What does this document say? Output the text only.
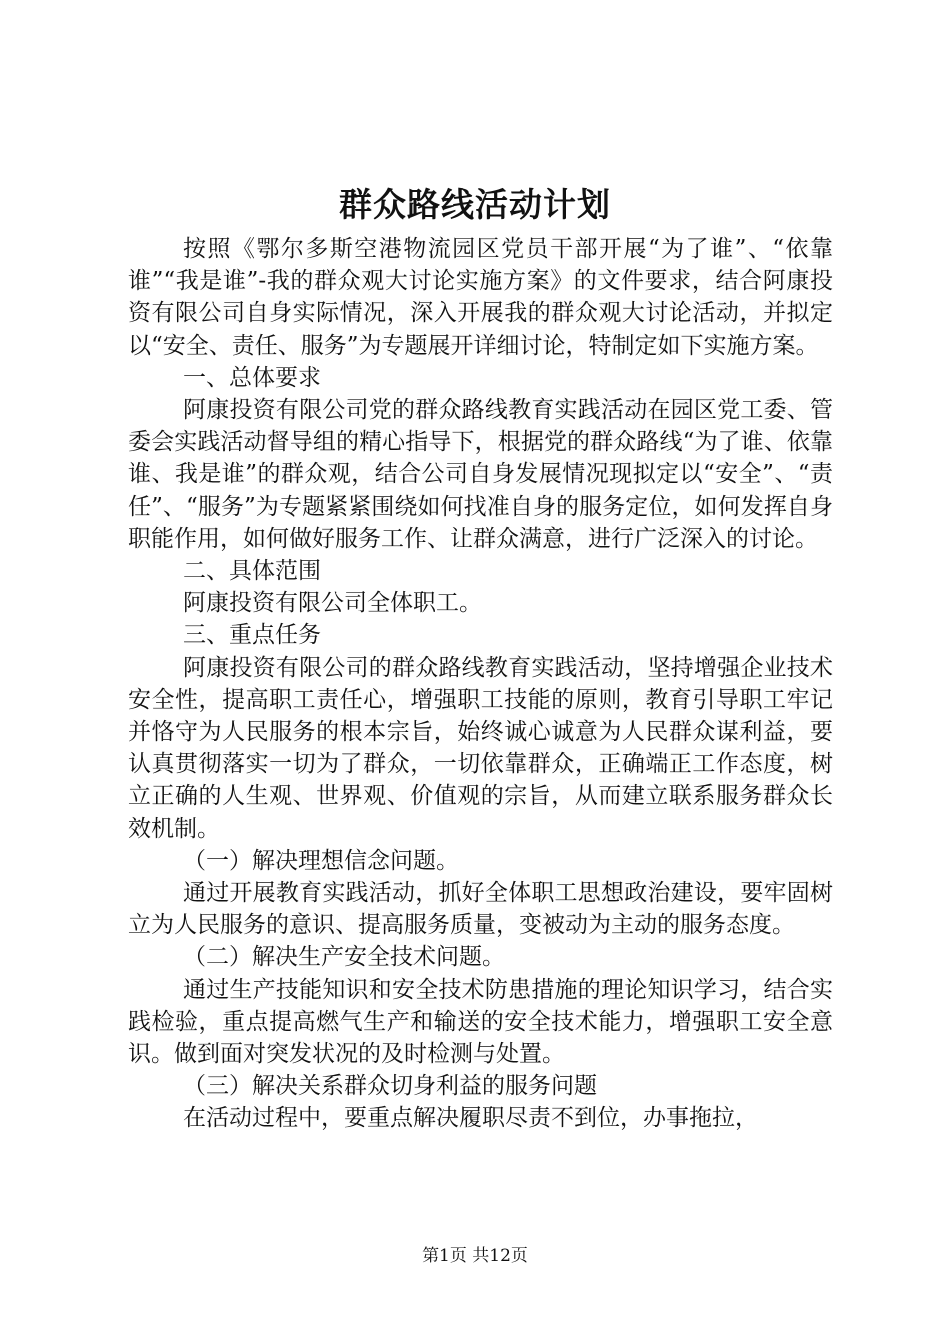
群众路线活动计划

按照《鄂尔多斯空港物流园区党员干部开展“为了谁”、“依靠谁”“我是谁”-我的群众观大讨论实施方案》的文件要求，结合阿康投资有限公司自身实际情况，深入开展我的群众观大讨论活动，并拟定以“安全、责任、服务”为专题展开详细讨论，特制定如下实施方案。

一、总体要求

阿康投资有限公司党的群众路线教育实践活动在园区党工委、管委会实践活动督导组的精心指导下，根据党的群众路线“为了谁、依靠谁、我是谁”的群众观，结合公司自身发展情况现拟定以“安全”、“责任”、“服务”为专题紧紧围绕如何找准自身的服务定位，如何发挥自身职能作用，如何做好服务工作、让群众满意，进行广泛深入的讨论。

二、具体范围

阿康投资有限公司全体职工。

三、重点任务

阿康投资有限公司的群众路线教育实践活动，坚持增强企业技术安全性，提高职工责任心，增强职工技能的原则，教育引导职工牢记并恪守为人民服务的根本宗旨，始终诚心诚意为人民群众谋利益，要认真贯彻落实一切为了群众，一切依靠群众，正确端正工作态度，树立正确的人生观、世界观、价值观的宗旨，从而建立联系服务群众长效机制。

（一）解决理想信念问题。

通过开展教育实践活动，抓好全体职工思想政治建设，要牢固树立为人民服务的意识、提高服务质量，变被动为主动的服务态度。

（二）解决生产安全技术问题。

通过生产技能知识和安全技术防患措施的理论知识学习，结合实践检验，重点提高燃气生产和输送的安全技术能力，增强职工安全意识。做到面对突发状况的及时检测与处置。

（三）解决关系群众切身利益的服务问题

在活动过程中，要重点解决履职尽责不到位，办事拖拉，

第1页 共12页
